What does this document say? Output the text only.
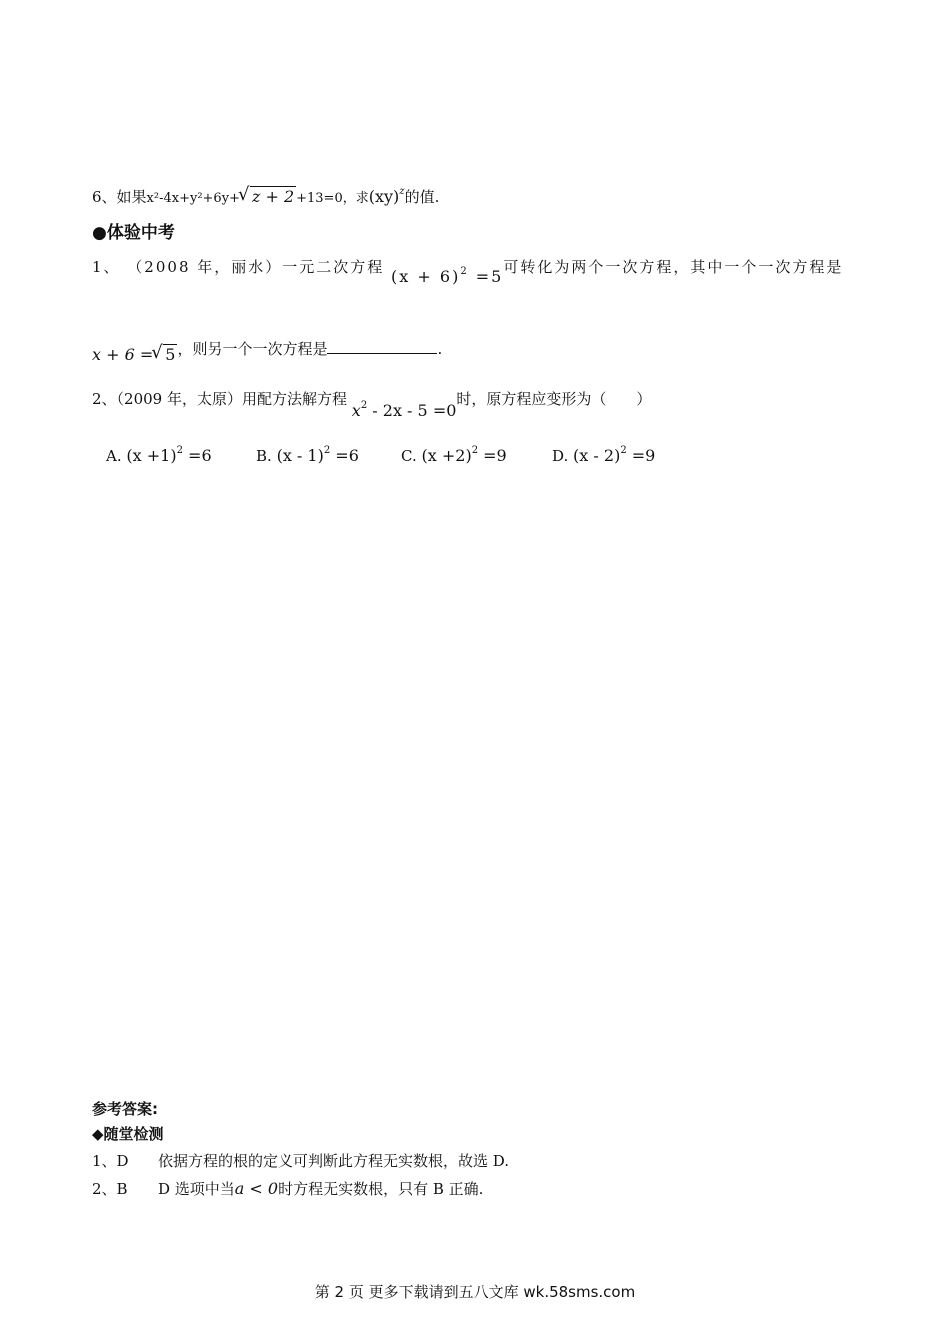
6、如果x²-4x+y²+6y+ √ z + 2 +13=0，求(xy)$^z$的值.
●体验中考
1、 （2008 年，丽水）一元二次方程 $(x + 6)^2 =5$可转化为两个一次方程，其中一个一次方程是
x + 6 = √ 5 ，则另一个一次方程是	.
2、（2009 年，太原）用配方法解方程 $x^2 - 2x - 5 =0$时，原方程应变形为（　　）
A. $(x +1)^2 =6$	B. (x - 1)$^2$ =6	C. $(x +2)^2 =9$	D. (x - 2)$^2$ =9
参考答案:
◆随堂检测
1、D 依据方程的根的定义可判断此方程无实数根，故选 D.
2、B D 选项中当a < 0时方程无实数根，只有 B 正确.
第 2 页 更多下载请到五八文库 wk.58sms.com
